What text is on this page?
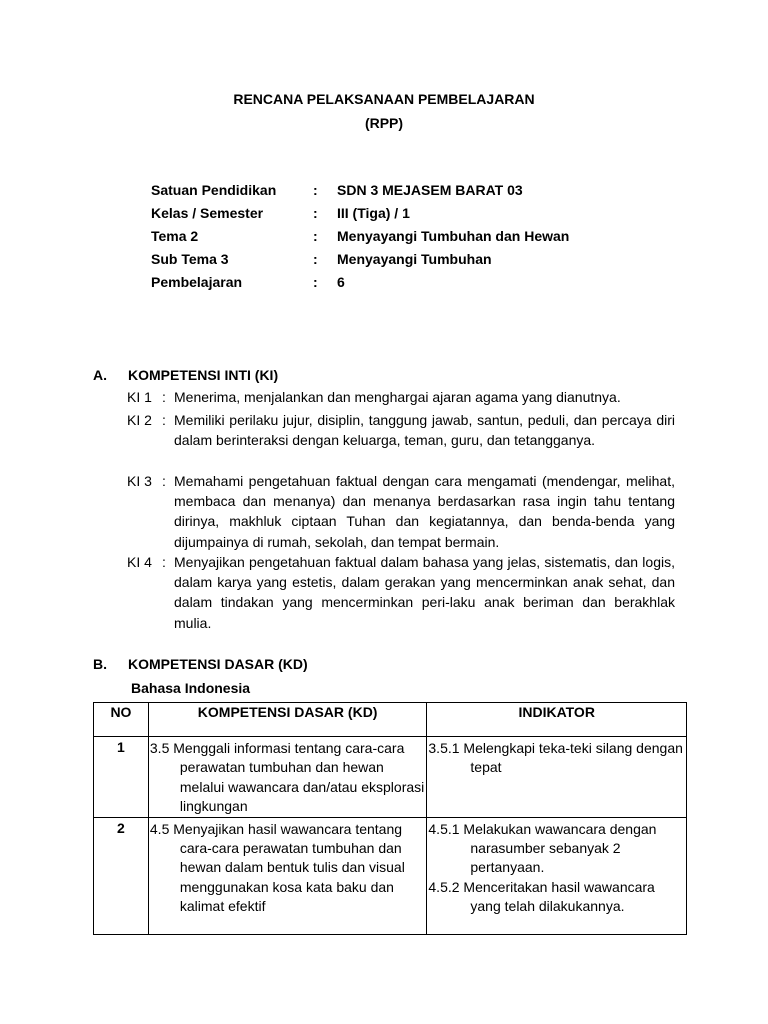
RENCANA PELAKSANAAN PEMBELAJARAN
(RPP)
Satuan Pendidikan	: SDN 3 MEJASEM BARAT 03
Kelas / Semester	: III (Tiga) / 1
Tema 2	: Menyayangi Tumbuhan dan Hewan
Sub Tema 3	: Menyayangi Tumbuhan
Pembelajaran	: 6
A. KOMPETENSI INTI (KI)
KI 1 : Menerima, menjalankan dan menghargai ajaran agama yang dianutnya.
KI 2 : Memiliki perilaku jujur, disiplin, tanggung jawab, santun, peduli, dan percaya diri dalam berinteraksi dengan keluarga, teman, guru, dan tetangganya.
KI 3 : Memahami pengetahuan faktual dengan cara mengamati (mendengar, melihat, membaca dan menanya) dan menanya berdasarkan rasa ingin tahu tentang dirinya, makhluk ciptaan Tuhan dan kegiatannya, dan benda-benda yang dijumpainya di rumah, sekolah, dan tempat bermain.
KI 4 : Menyajikan pengetahuan faktual dalam bahasa yang jelas, sistematis, dan logis, dalam karya yang estetis, dalam gerakan yang mencerminkan anak sehat, dan dalam tindakan yang mencerminkan peri-laku anak beriman dan berakhlak mulia.
B. KOMPETENSI DASAR (KD)
Bahasa Indonesia
NO	KOMPETENSI DASAR (KD)	INDIKATOR
1	3.5 Menggali informasi tentang cara-cara perawatan tumbuhan dan hewan melalui wawancara dan/atau eksplorasi lingkungan	3.5.1 Melengkapi teka-teki silang dengan tepat

2	4.5 Menyajikan hasil wawancara tentang cara-cara perawatan tumbuhan dan hewan dalam bentuk tulis dan visual menggunakan kosa kata baku dan kalimat efektif	4.5.1 Melakukan wawancara dengan narasumber sebanyak 2 pertanyaan.
4.5.2 Menceritakan hasil wawancara yang telah dilakukannya.
